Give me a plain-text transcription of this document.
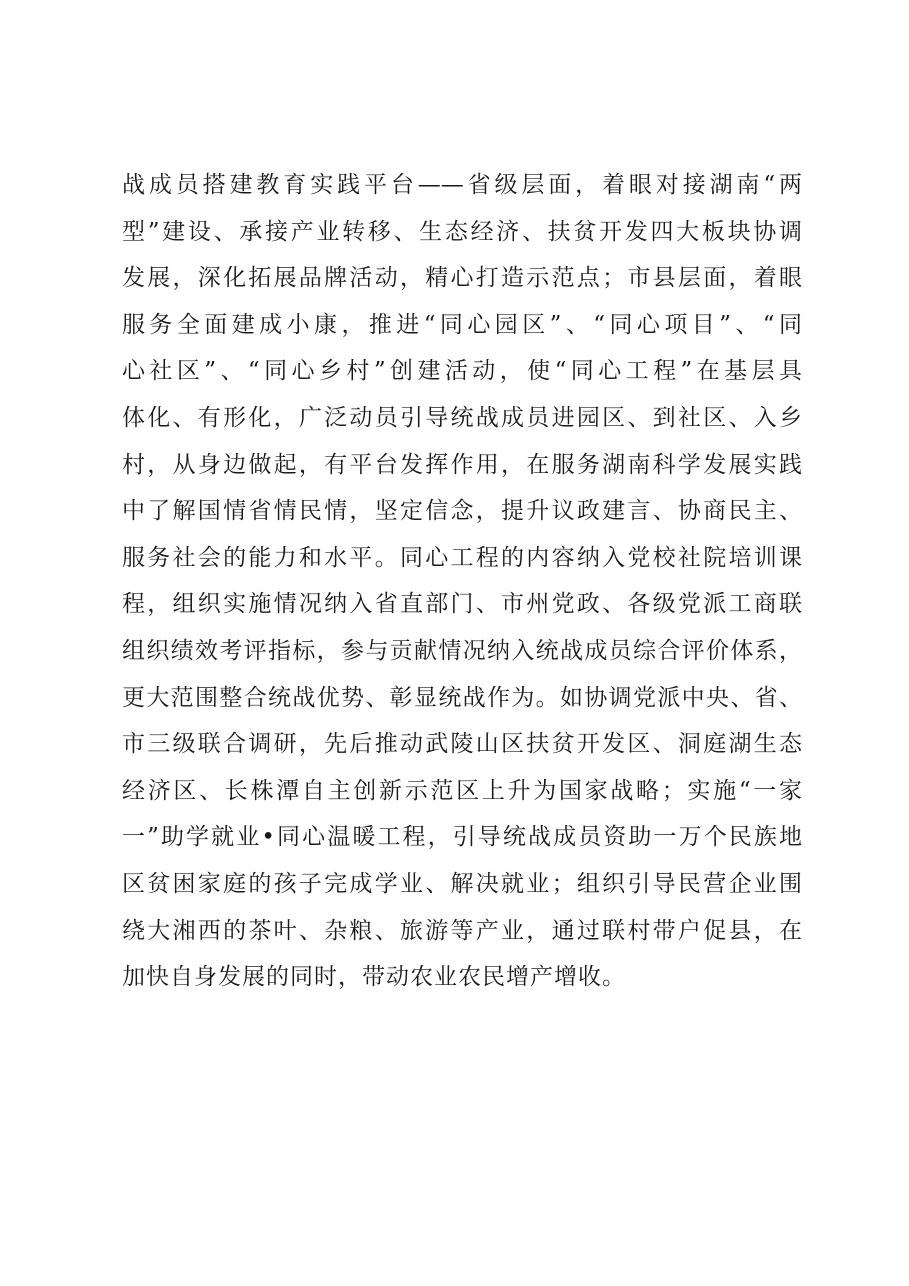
战成员搭建教育实践平台——省级层面，着眼对接湖南“两
型”建设、承接产业转移、生态经济、扶贫开发四大板块协调
发展，深化拓展品牌活动，精心打造示范点；市县层面，着眼
服务全面建成小康，推进“同心园区”、“同心项目”、“同
心社区”、“同心乡村”创建活动，使“同心工程”在基层具
体化、有形化，广泛动员引导统战成员进园区、到社区、入乡
村，从身边做起，有平台发挥作用，在服务湖南科学发展实践
中了解国情省情民情，坚定信念，提升议政建言、协商民主、
服务社会的能力和水平。同心工程的内容纳入党校社院培训课
程，组织实施情况纳入省直部门、市州党政、各级党派工商联
组织绩效考评指标，参与贡献情况纳入统战成员综合评价体系，
更大范围整合统战优势、彰显统战作为。如协调党派中央、省、
市三级联合调研，先后推动武陵山区扶贫开发区、洞庭湖生态
经济区、长株潭自主创新示范区上升为国家战略；实施“一家
一”助学就业•同心温暖工程，引导统战成员资助一万个民族地
区贫困家庭的孩子完成学业、解决就业；组织引导民营企业围
绕大湘西的茶叶、杂粮、旅游等产业，通过联村带户促县，在
加快自身发展的同时，带动农业农民增产增收。
